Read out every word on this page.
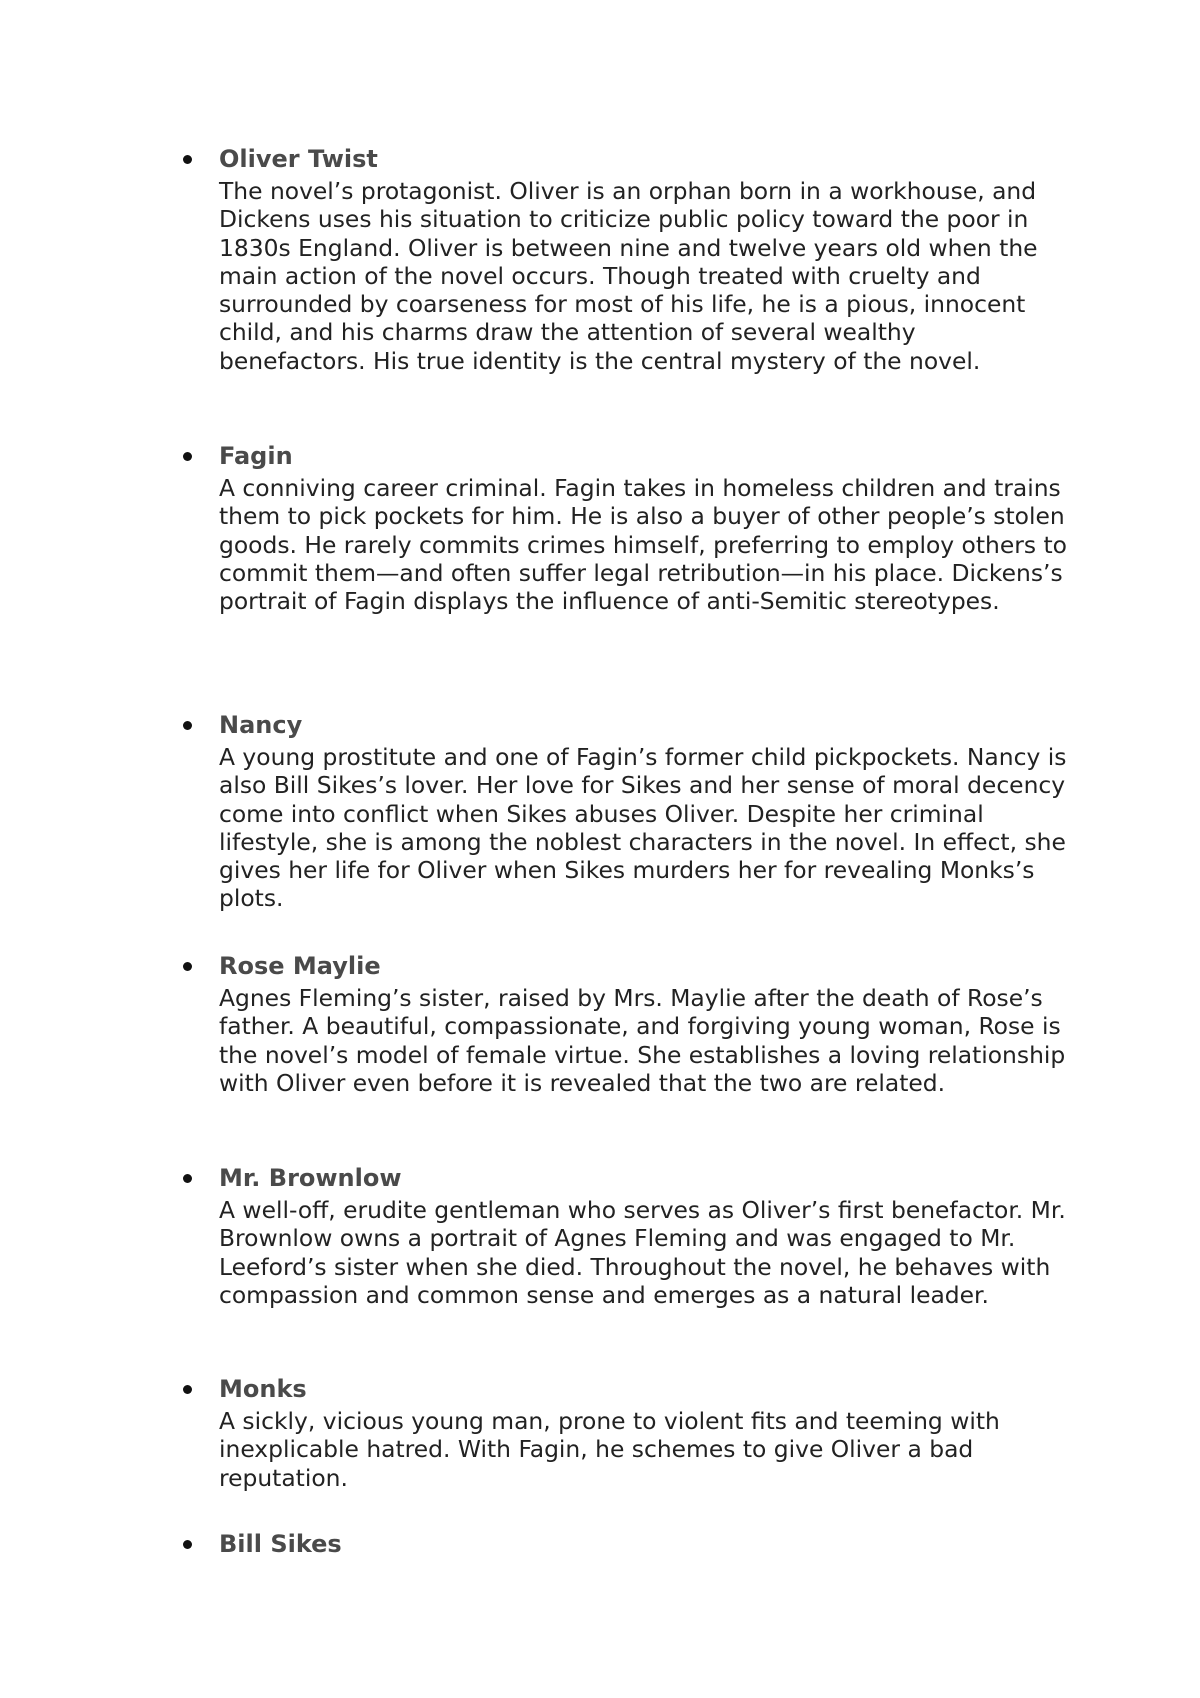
Oliver Twist

The novel’s protagonist. Oliver is an orphan born in a workhouse, and Dickens uses his situation to criticize public policy toward the poor in 1830s England. Oliver is between nine and twelve years old when the main action of the novel occurs. Though treated with cruelty and surrounded by coarseness for most of his life, he is a pious, innocent child, and his charms draw the attention of several wealthy benefactors. His true identity is the central mystery of the novel.

Fagin

A conniving career criminal. Fagin takes in homeless children and trains them to pick pockets for him. He is also a buyer of other people’s stolen goods. He rarely commits crimes himself, preferring to employ others to commit them—and often suffer legal retribution—in his place. Dickens’s portrait of Fagin displays the influence of anti-Semitic stereotypes.

Nancy

A young prostitute and one of Fagin’s former child pickpockets. Nancy is also Bill Sikes’s lover. Her love for Sikes and her sense of moral decency come into conflict when Sikes abuses Oliver. Despite her criminal lifestyle, she is among the noblest characters in the novel. In effect, she gives her life for Oliver when Sikes murders her for revealing Monks’s plots.

Rose Maylie

Agnes Fleming’s sister, raised by Mrs. Maylie after the death of Rose’s father. A beautiful, compassionate, and forgiving young woman, Rose is the novel’s model of female virtue. She establishes a loving relationship with Oliver even before it is revealed that the two are related.

Mr. Brownlow

A well-off, erudite gentleman who serves as Oliver’s first benefactor. Mr. Brownlow owns a portrait of Agnes Fleming and was engaged to Mr. Leeford’s sister when she died. Throughout the novel, he behaves with compassion and common sense and emerges as a natural leader.

Monks

A sickly, vicious young man, prone to violent fits and teeming with inexplicable hatred. With Fagin, he schemes to give Oliver a bad reputation.

Bill Sikes
